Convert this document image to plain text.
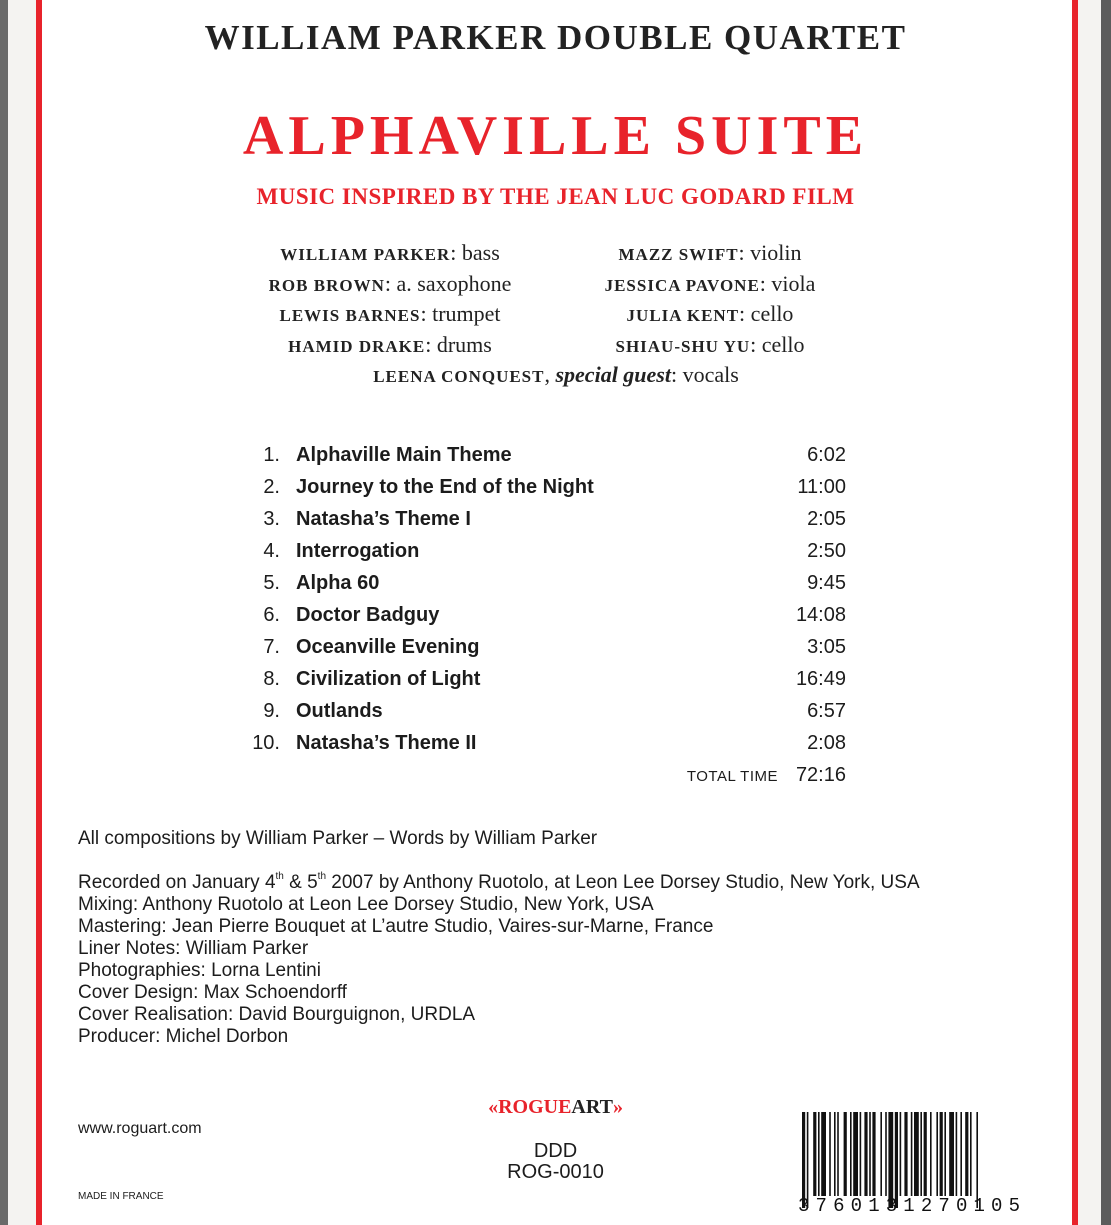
WILLIAM PARKER DOUBLE QUARTET
ALPHAVILLE SUITE
MUSIC INSPIRED BY THE JEAN LUC GODARD FILM
WILLIAM PARKER: bass	MAZZ SWIFT: violin
ROB BROWN: a. saxophone	JESSICA PAVONE: viola
LEWIS BARNES: trumpet	JULIA KENT: cello
HAMID DRAKE: drums	SHIAU-SHU YU: cello
LEENA CONQUEST, special guest: vocals
1. Alphaville Main Theme	6:02
2. Journey to the End of the Night	11:00
3. Natasha’s Theme I	2:05
4. Interrogation	2:50
5. Alpha 60	9:45
6. Doctor Badguy	14:08
7. Oceanville Evening	3:05
8. Civilization of Light	16:49
9. Outlands	6:57
10. Natasha’s Theme II	2:08
TOTAL TIME 72:16
All compositions by William Parker – Words by William Parker
Recorded on January 4th & 5th 2007 by Anthony Ruotolo, at Leon Lee Dorsey Studio, New York, USA
Mixing: Anthony Ruotolo at Leon Lee Dorsey Studio, New York, USA
Mastering: Jean Pierre Bouquet at L’autre Studio, Vaires-sur-Marne, France
Liner Notes: William Parker
Photographies: Lorna Lentini
Cover Design: Max Schoendorff
Cover Realisation: David Bourguignon, URDLA
Producer: Michel Dorbon
«ROGUEART»
www.roguart.com
DDD
ROG-0010
MADE IN FRANCE	3760131270105
